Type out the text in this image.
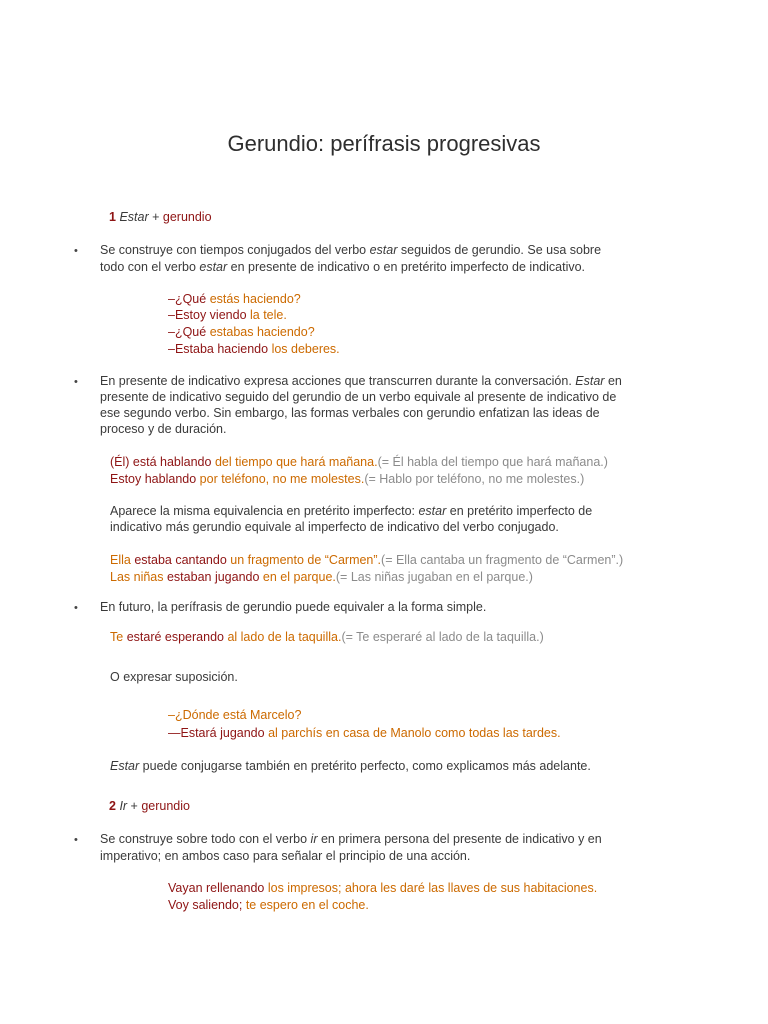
Gerundio: perífrasis progresivas
1 Estar + gerundio
• Se construye con tiempos conjugados del verbo estar seguidos de gerundio. Se usa sobre
todo con el verbo estar en presente de indicativo o en pretérito imperfecto de indicativo.
–¿Qué estás haciendo?
–Estoy viendo la tele.
–¿Qué estabas haciendo?
–Estaba haciendo los deberes.
• En presente de indicativo expresa acciones que transcurren durante la conversación. Estar en
presente de indicativo seguido del gerundio de un verbo equivale al presente de indicativo de
ese segundo verbo. Sin embargo, las formas verbales con gerundio enfatizan las ideas de
proceso y de duración.
(Él) está hablando del tiempo que hará mañana.(= Él habla del tiempo que hará mañana.)
Estoy hablando por teléfono, no me molestes.(= Hablo por teléfono, no me molestes.)
Aparece la misma equivalencia en pretérito imperfecto: estar en pretérito imperfecto de
indicativo más gerundio equivale al imperfecto de indicativo del verbo conjugado.
Ella estaba cantando un fragmento de “Carmen”.(= Ella cantaba un fragmento de “Carmen”.)
Las niñas estaban jugando en el parque.(= Las niñas jugaban en el parque.)
• En futuro, la perífrasis de gerundio puede equivaler a la forma simple.
Te estaré esperando al lado de la taquilla.(= Te esperaré al lado de la taquilla.)
O expresar suposición.
–¿Dónde está Marcelo?
—Estará jugando al parchís en casa de Manolo como todas las tardes.
Estar puede conjugarse también en pretérito perfecto, como explicamos más adelante.
2 Ir + gerundio
• Se construye sobre todo con el verbo ir en primera persona del presente de indicativo y en
imperativo; en ambos caso para señalar el principio de una acción.
Vayan rellenando los impresos; ahora les daré las llaves de sus habitaciones.
Voy saliendo; te espero en el coche.
